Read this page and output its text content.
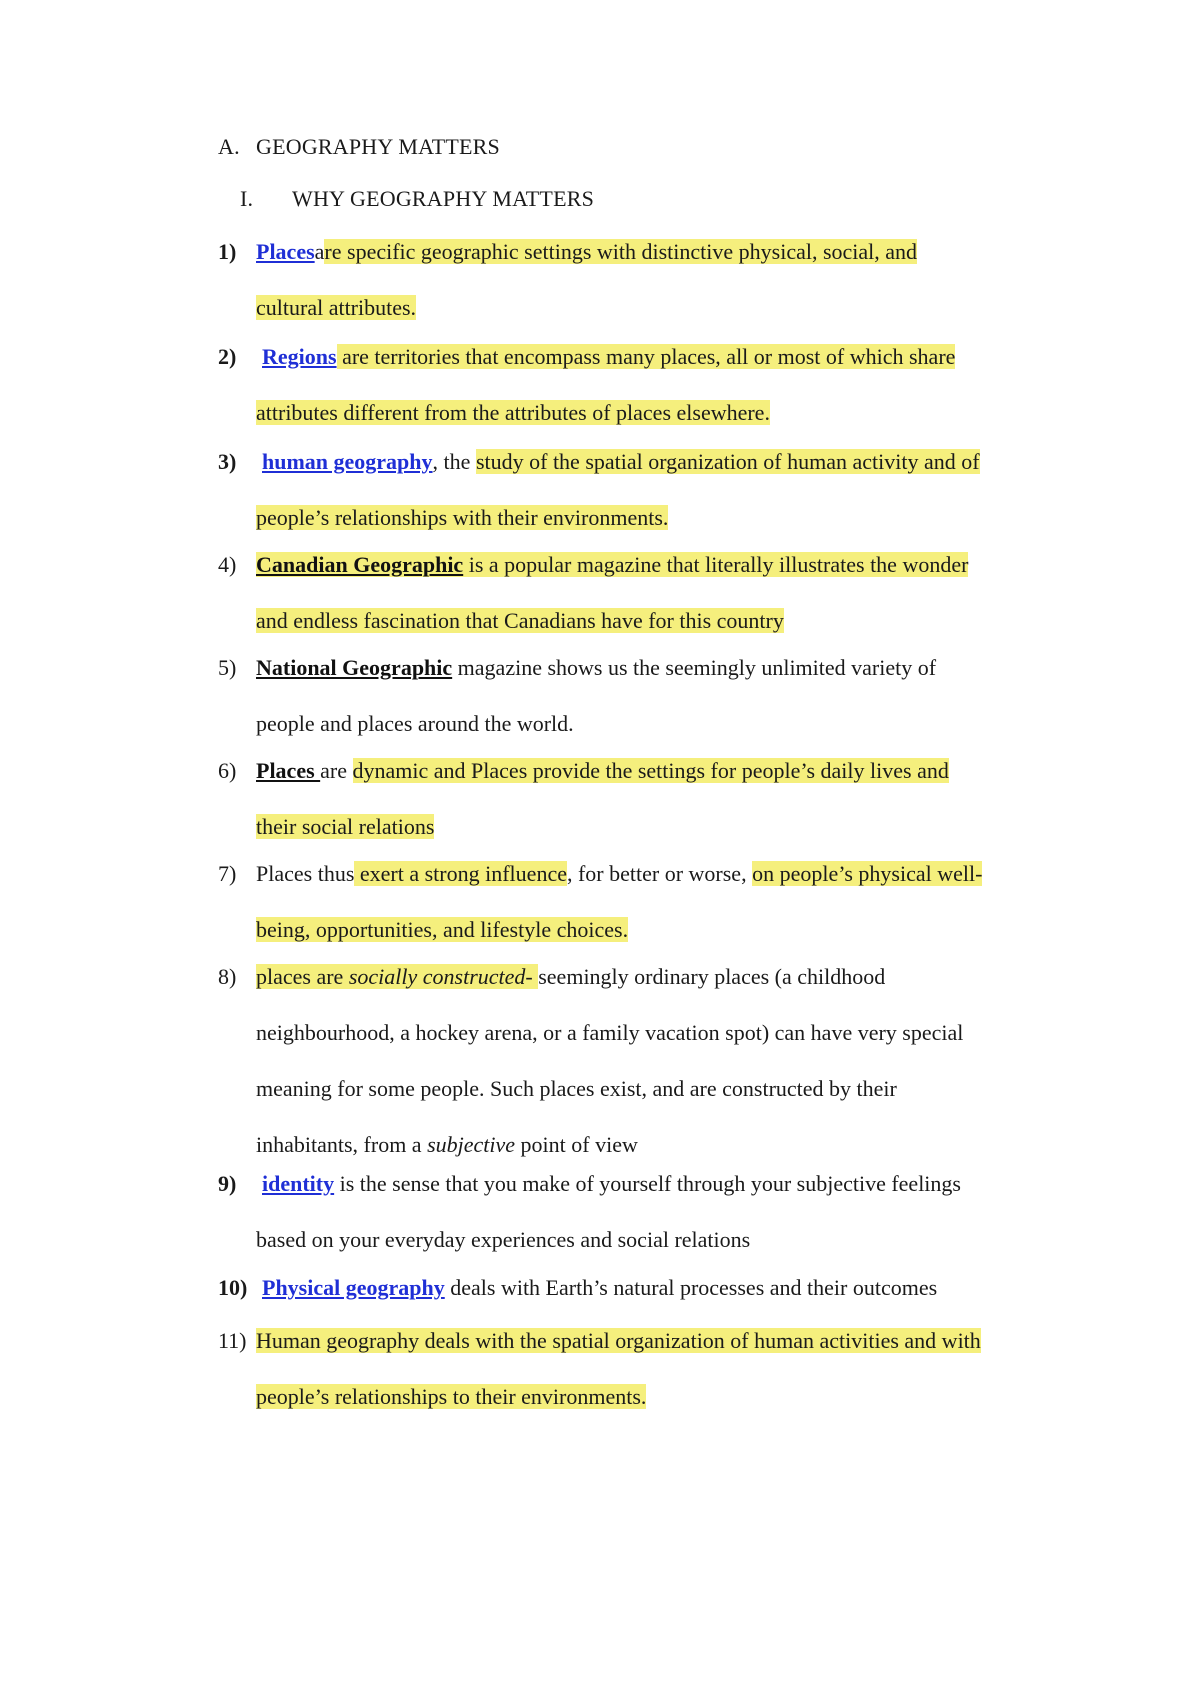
A. GEOGRAPHY MATTERS
I. WHY GEOGRAPHY MATTERS
1) Placesare specific geographic settings with distinctive physical, social, and
cultural attributes.
2) Regions are territories that encompass many places, all or most of which share
attributes different from the attributes of places elsewhere.
3) human geography, the study of the spatial organization of human activity and of
people’s relationships with their environments.
4) Canadian Geographic is a popular magazine that literally illustrates the wonder
and endless fascination that Canadians have for this country
5) National Geographic magazine shows us the seemingly unlimited variety of
people and places around the world.
6) Places are dynamic and Places provide the settings for people’s daily lives and
their social relations
7) Places thus exert a strong influence, for better or worse, on people’s physical well-
being, opportunities, and lifestyle choices.
8) places are socially constructed- seemingly ordinary places (a childhood
neighbourhood, a hockey arena, or a family vacation spot) can have very special
meaning for some people. Such places exist, and are constructed by their
inhabitants, from a subjective point of view
9) identity is the sense that you make of yourself through your subjective feelings
based on your everyday experiences and social relations
10) Physical geography deals with Earth’s natural processes and their outcomes
11) Human geography deals with the spatial organization of human activities and with
people’s relationships to their environments.
